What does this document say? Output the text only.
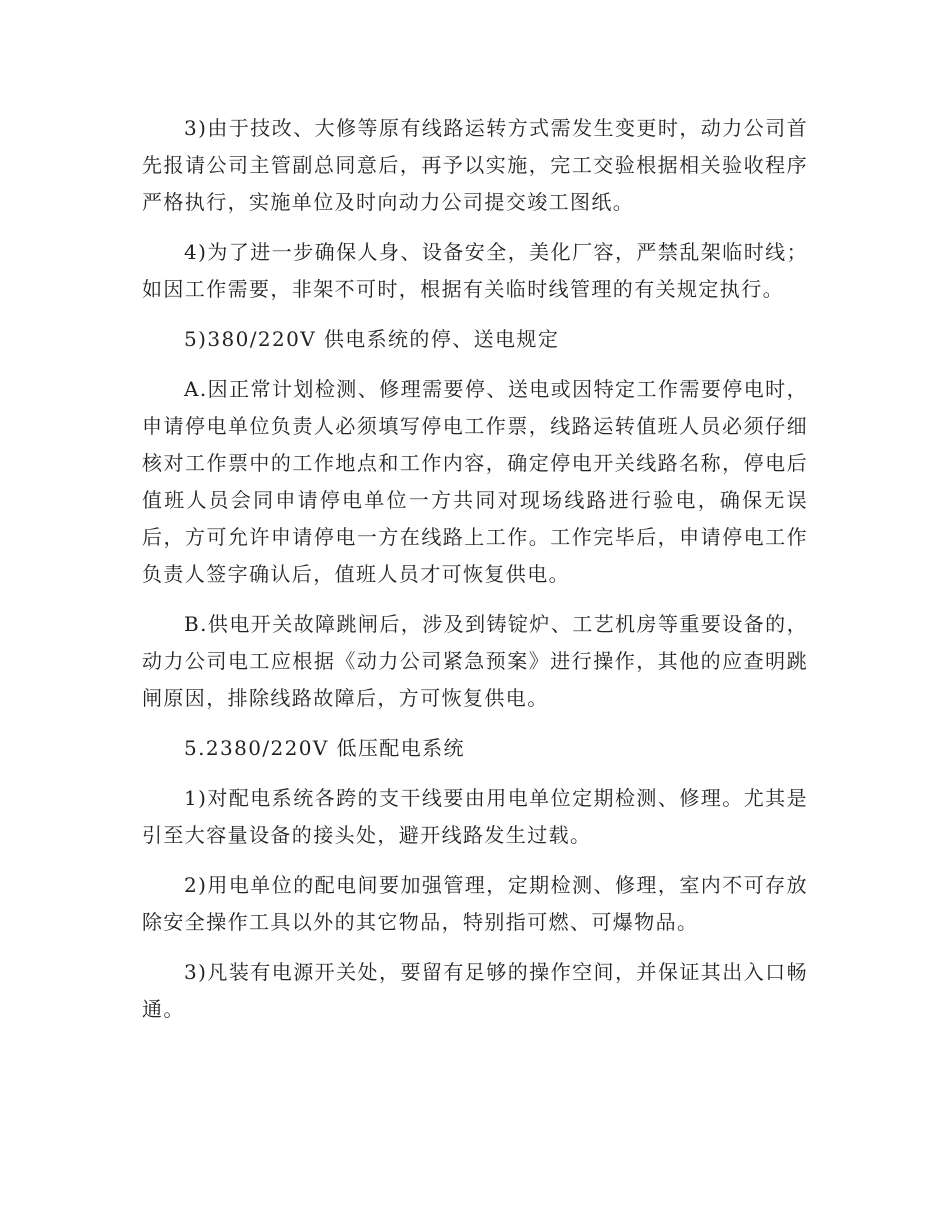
3)由于技改、大修等原有线路运转方式需发生变更时，动力公司首先报请公司主管副总同意后，再予以实施，完工交验根据相关验收程序严格执行，实施单位及时向动力公司提交竣工图纸。

4)为了进一步确保人身、设备安全，美化厂容，严禁乱架临时线；如因工作需要，非架不可时，根据有关临时线管理的有关规定执行。

5)380/220V 供电系统的停、送电规定

A.因正常计划检测、修理需要停、送电或因特定工作需要停电时，申请停电单位负责人必须填写停电工作票，线路运转值班人员必须仔细核对工作票中的工作地点和工作内容，确定停电开关线路名称，停电后值班人员会同申请停电单位一方共同对现场线路进行验电，确保无误后，方可允许申请停电一方在线路上工作。工作完毕后，申请停电工作负责人签字确认后，值班人员才可恢复供电。

B.供电开关故障跳闸后，涉及到铸锭炉、工艺机房等重要设备的，动力公司电工应根据《动力公司紧急预案》进行操作，其他的应查明跳闸原因，排除线路故障后，方可恢复供电。

5.2380/220V 低压配电系统

1)对配电系统各跨的支干线要由用电单位定期检测、修理。尤其是引至大容量设备的接头处，避开线路发生过载。

2)用电单位的配电间要加强管理，定期检测、修理，室内不可存放除安全操作工具以外的其它物品，特别指可燃、可爆物品。

3)凡装有电源开关处，要留有足够的操作空间，并保证其出入口畅通。
